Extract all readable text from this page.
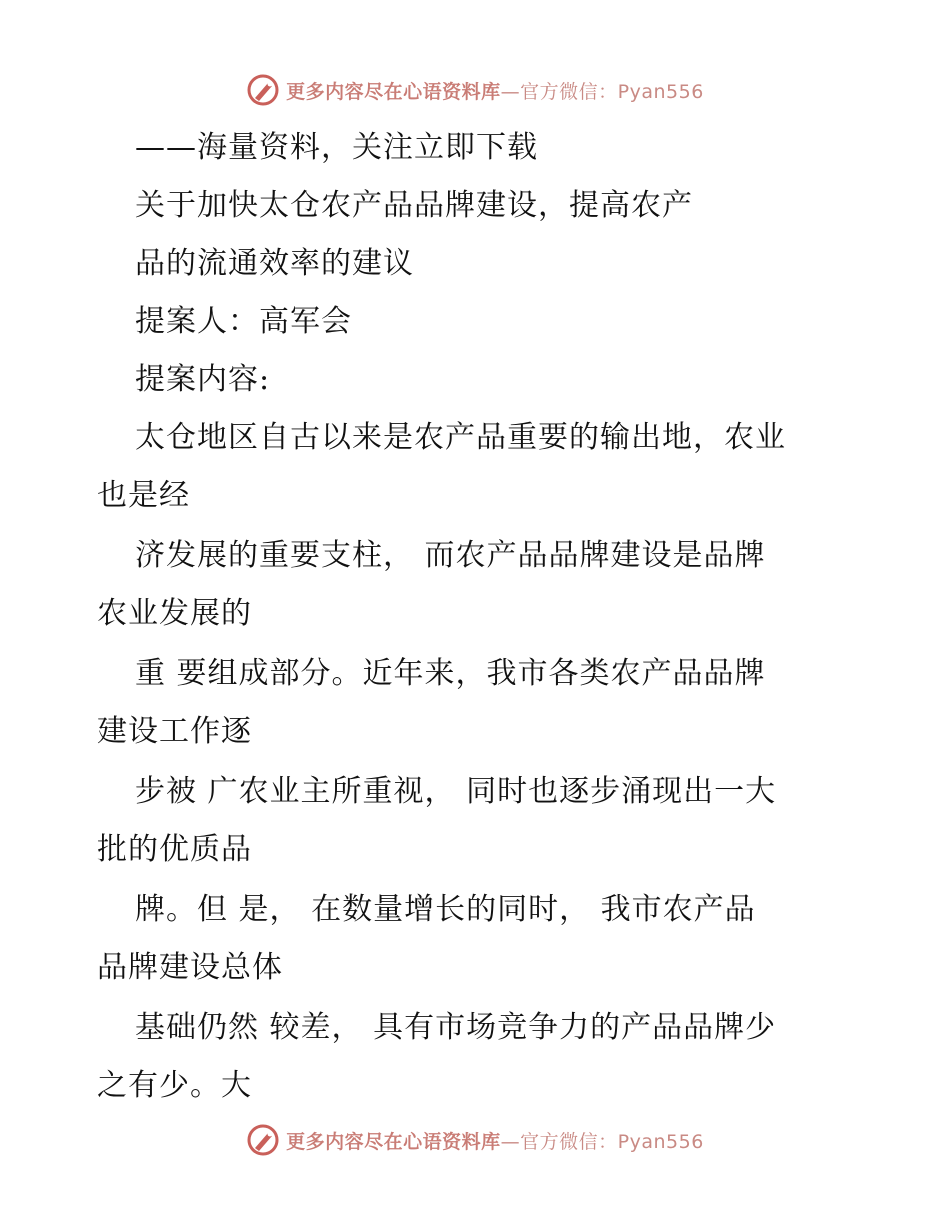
更多内容尽在心语资料库—官方微信：Pyan556
——海量资料，关注立即下载
关于加快太仓农产品品牌建设，提高农产
品的流通效率的建议
提案人：高军会
提案内容:
太仓地区自古以来是农产品重要的输出地，农业
也是经
济发展的重要支柱， 而农产品品牌建设是品牌
农业发展的
重 要组成部分。近年来，我市各类农产品品牌
建设工作逐
步被 广农业主所重视， 同时也逐步涌现出一大
批的优质品
牌。但 是， 在数量增长的同时， 我市农产品
品牌建设总体
基础仍然 较差， 具有市场竞争力的产品品牌少
之有少。大
更多内容尽在心语资料库—官方微信：Pyan556
